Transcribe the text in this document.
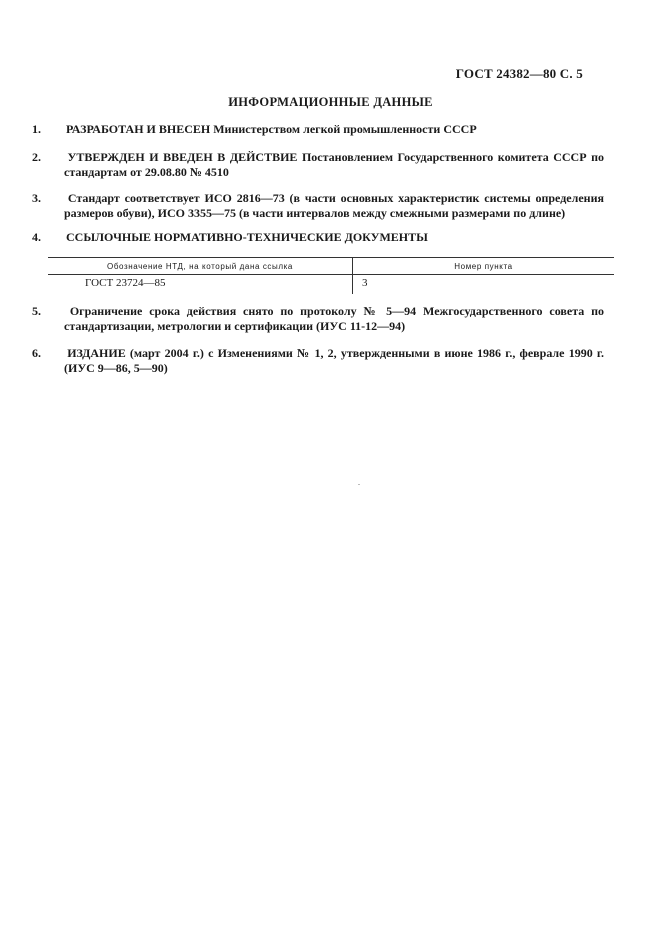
ГОСТ 24382—80 С. 5
ИНФОРМАЦИОННЫЕ ДАННЫЕ
1. РАЗРАБОТАН И ВНЕСЕН Министерством легкой промышленности СССР
2. УТВЕРЖДЕН И ВВЕДЕН В ДЕЙСТВИЕ Постановлением Государственного комитета СССР по стандартам от 29.08.80 № 4510
3. Стандарт соответствует ИСО 2816—73 (в части основных характеристик системы определения размеров обуви), ИСО 3355—75 (в части интервалов между смежными размерами по длине)
4. ССЫЛОЧНЫЕ НОРМАТИВНО-ТЕХНИЧЕСКИЕ ДОКУМЕНТЫ
Обозначение НТД, на который дана ссылка	Номер пункта
ГОСТ 23724—85	3
5. Ограничение срока действия снято по протоколу № 5—94 Межгосударственного совета по стандартизации, метрологии и сертификации (ИУС 11-12—94)
6. ИЗДАНИЕ (март 2004 г.) с Изменениями № 1, 2, утвержденными в июне 1986 г., феврале 1990 г. (ИУС 9—86, 5—90)
